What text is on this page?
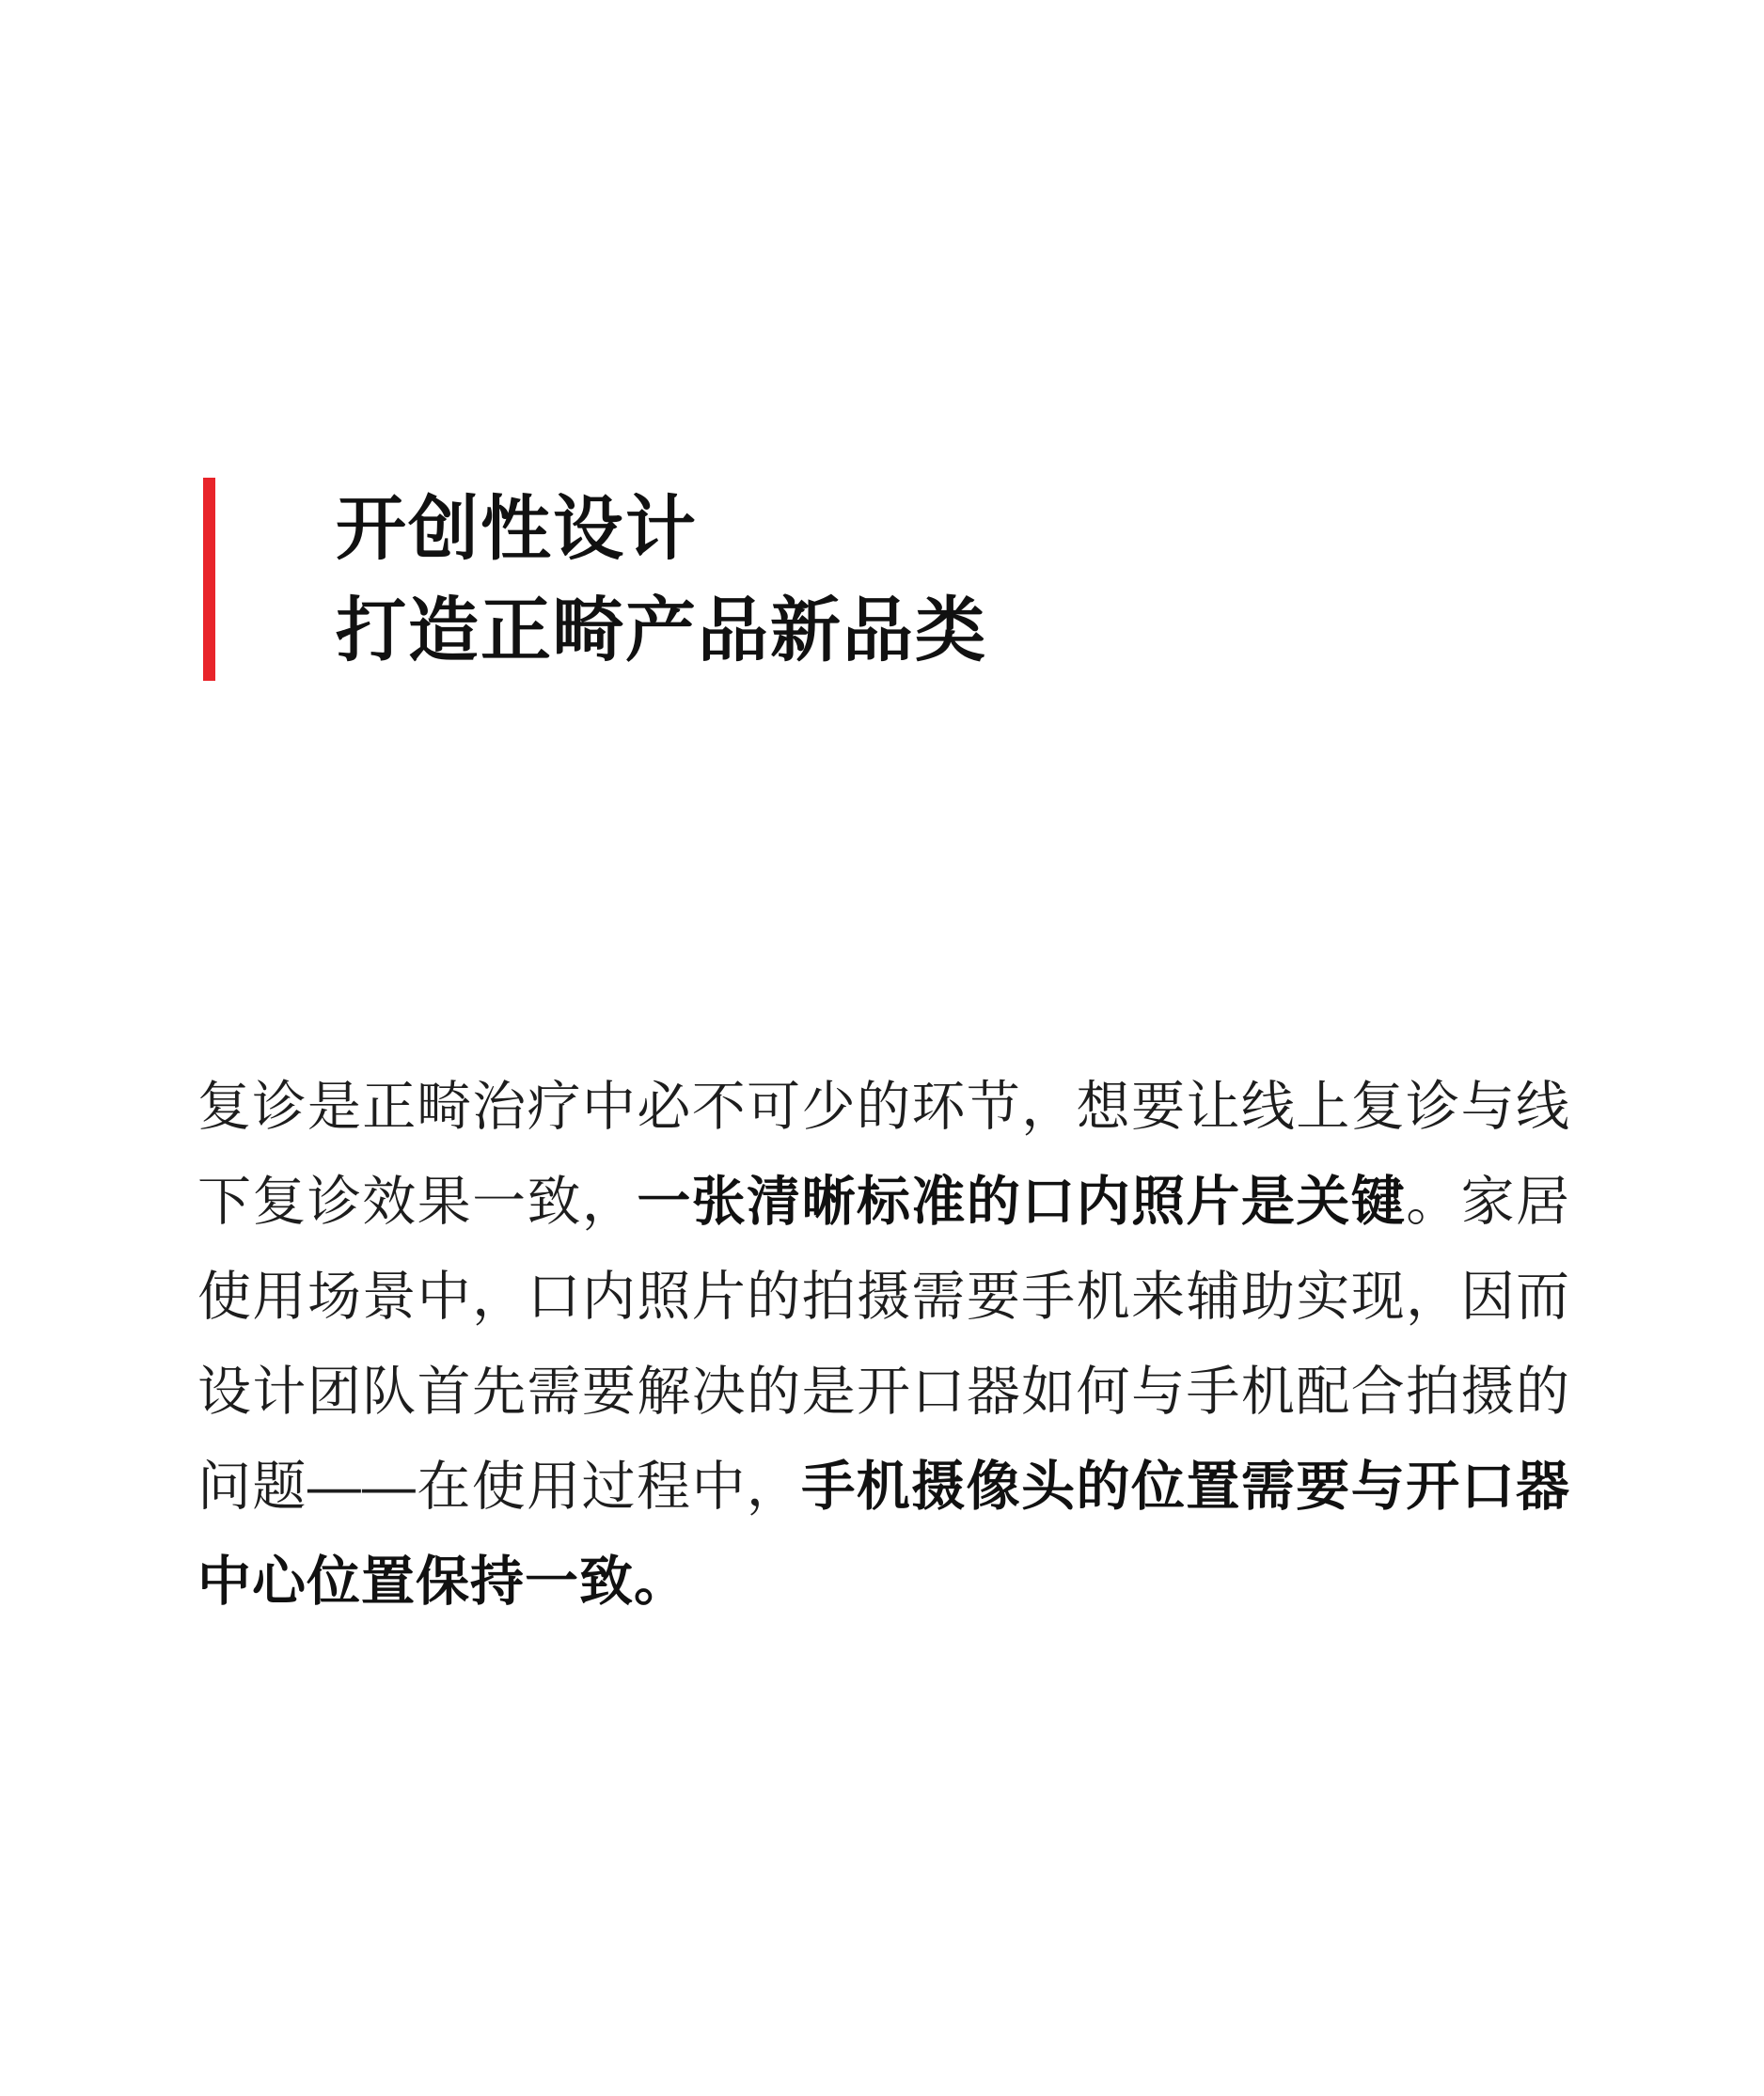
开创性设计
打造正畸产品新品类

复诊是正畸治疗中必不可少的环节，想要让线上复诊与线下复诊效果一致，一张清晰标准的口内照片是关键。家居使用场景中，口内照片的拍摄需要手机来辅助实现，因而设计团队首先需要解决的是开口器如何与手机配合拍摄的问题——在使用过程中，手机摄像头的位置需要与开口器中心位置保持一致。
